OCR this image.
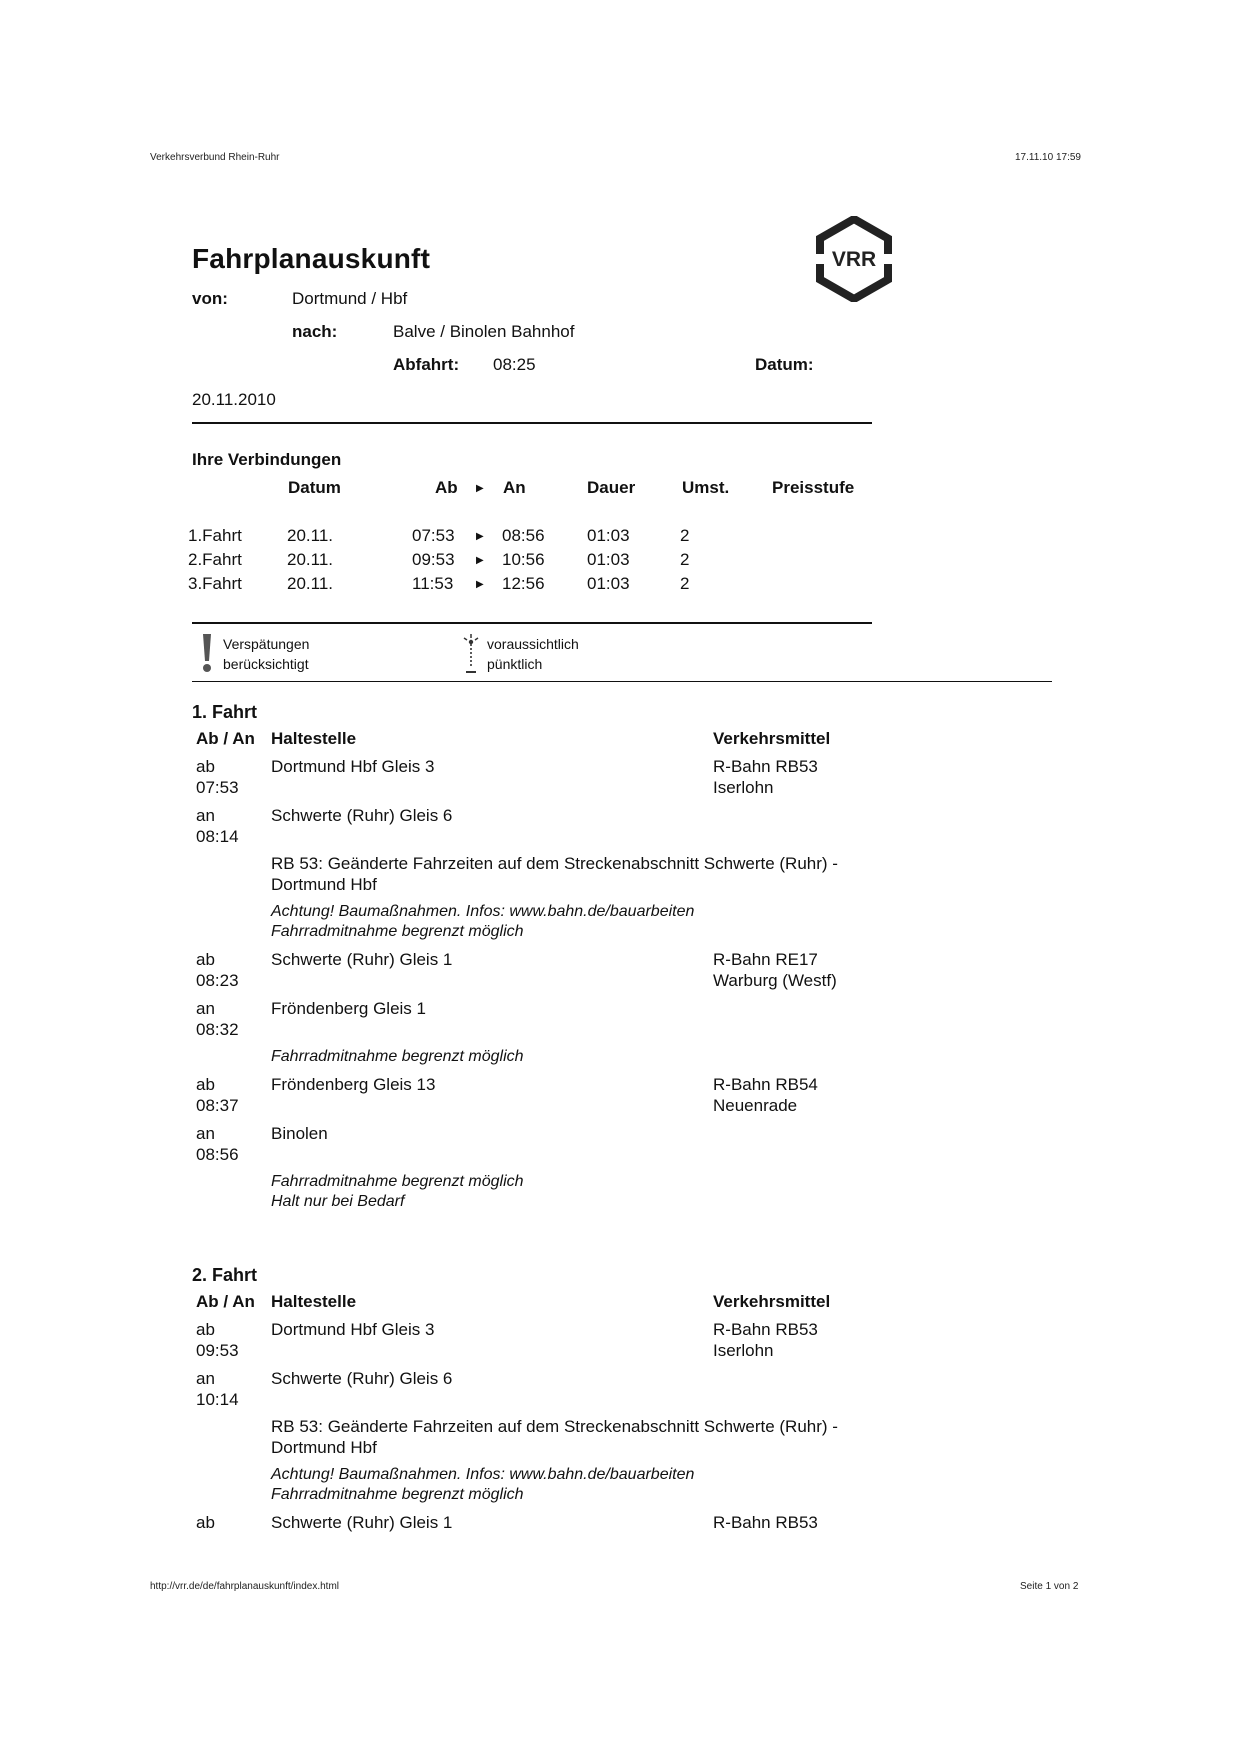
Verkehrsverbund Rhein-Ruhr	17.11.10 17:59
VRR
Fahrplanauskunft
von:	Dortmund / Hbf
nach:	Balve / Binolen Bahnhof
Abfahrt: 08:25	Datum:
20.11.2010
Ihre Verbindungen
Datum	Ab ▶ An	Dauer	Umst.	Preisstufe
1.Fahrt	20.11.	07:53 ▶ 08:56 01:03	2
2.Fahrt	20.11.	09:53 ▶ 10:56 01:03	2
3.Fahrt	20.11.	11:53 ▶ 12:56 01:03	2
Verspätungen
berücksichtigt
voraussichtlich
pünktlich
1. Fahrt
Ab / An Haltestelle	Verkehrsmittel
ab
07:53
Dortmund Hbf Gleis 3	R-Bahn RB53
Iserlohn
an
08:14
Schwerte (Ruhr) Gleis 6
RB 53: Geänderte Fahrzeiten auf dem Streckenabschnitt Schwerte (Ruhr) -
Dortmund Hbf
Achtung! Baumaßnahmen. Infos: www.bahn.de/bauarbeiten
Fahrradmitnahme begrenzt möglich
ab
08:23
Schwerte (Ruhr) Gleis 1	R-Bahn RE17
Warburg (Westf)
an
08:32
Fröndenberg Gleis 1
Fahrradmitnahme begrenzt möglich
ab
08:37
Fröndenberg Gleis 13	R-Bahn RB54
Neuenrade
an
08:56
Binolen
Fahrradmitnahme begrenzt möglich
Halt nur bei Bedarf
2. Fahrt
Ab / An Haltestelle	Verkehrsmittel
ab
09:53
Dortmund Hbf Gleis 3	R-Bahn RB53
Iserlohn
an
10:14
Schwerte (Ruhr) Gleis 6
RB 53: Geänderte Fahrzeiten auf dem Streckenabschnitt Schwerte (Ruhr) -
Dortmund Hbf
Achtung! Baumaßnahmen. Infos: www.bahn.de/bauarbeiten
Fahrradmitnahme begrenzt möglich
ab	Schwerte (Ruhr) Gleis 1	R-Bahn RB53
http://vrr.de/de/fahrplanauskunft/index.html	Seite 1 von 2
